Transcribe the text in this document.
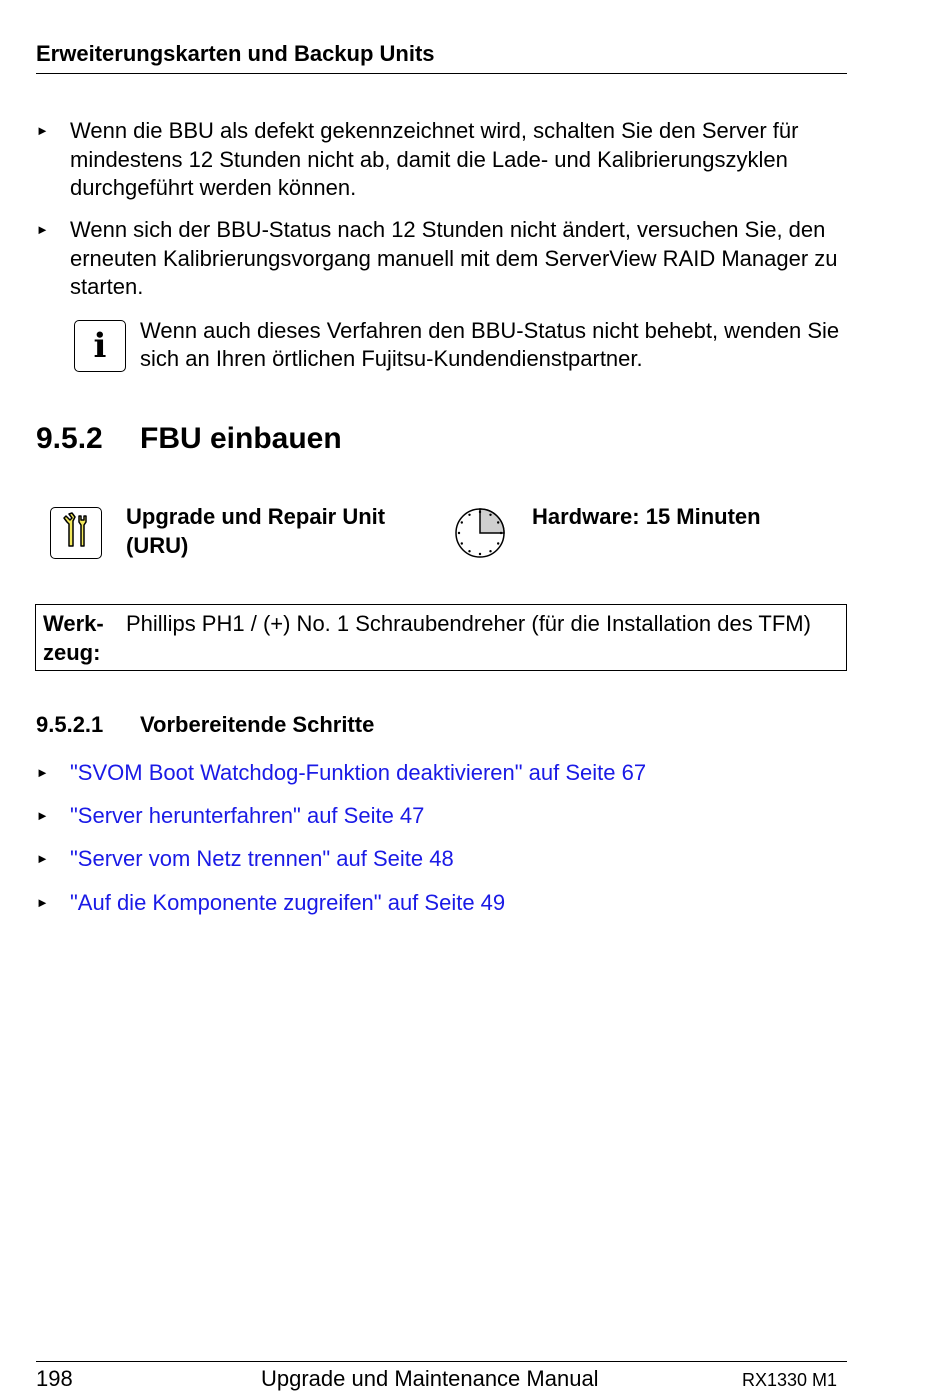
Erweiterungskarten und Backup Units
► Wenn die BBU als defekt gekennzeichnet wird, schalten Sie den Server für mindestens 12 Stunden nicht ab, damit die Lade- und Kalibrierungszyklen durchgeführt werden können.
► Wenn sich der BBU-Status nach 12 Stunden nicht ändert, versuchen Sie, den erneuten Kalibrierungsvorgang manuell mit dem ServerView RAID Manager zu starten.
i	Wenn auch dieses Verfahren den BBU-Status nicht behebt, wenden Sie sich an Ihren örtlichen Fujitsu-Kundendienstpartner.
9.5.2 FBU einbauen
Upgrade und Repair Unit
(URU)
Hardware: 15 Minuten
Werk-
zeug:
Phillips PH1 / (+) No. 1 Schraubendreher (für die Installation des TFM)
9.5.2.1 Vorbereitende Schritte
► "SVOM Boot Watchdog-Funktion deaktivieren" auf Seite 67
► "Server herunterfahren" auf Seite 47
► "Server vom Netz trennen" auf Seite 48
► "Auf die Komponente zugreifen" auf Seite 49
198	Upgrade und Maintenance Manual	RX1330 M1
